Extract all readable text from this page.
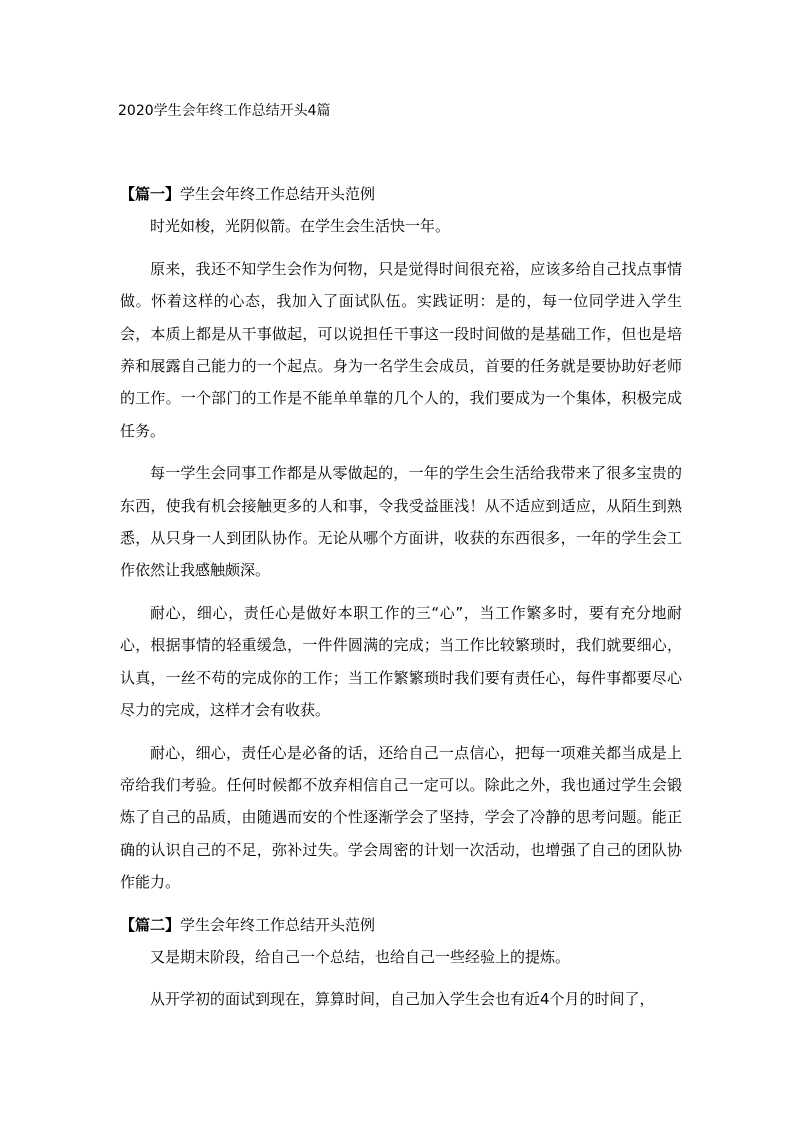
2020学生会年终工作总结开头4篇
【篇一】学生会年终工作总结开头范例

时光如梭，光阴似箭。在学生会生活快一年。

原来，我还不知学生会作为何物，只是觉得时间很充裕，应该多给自己找点事情做。怀着这样的心态，我加入了面试队伍。实践证明：是的，每一位同学进入学生会，本质上都是从干事做起，可以说担任干事这一段时间做的是基础工作，但也是培养和展露自己能力的一个起点。身为一名学生会成员，首要的任务就是要协助好老师的工作。一个部门的工作是不能单单靠的几个人的，我们要成为一个集体，积极完成任务。

每一学生会同事工作都是从零做起的，一年的学生会生活给我带来了很多宝贵的东西，使我有机会接触更多的人和事，令我受益匪浅！从不适应到适应，从陌生到熟悉，从只身一人到团队协作。无论从哪个方面讲，收获的东西很多，一年的学生会工作依然让我感触颇深。

耐心，细心，责任心是做好本职工作的三“心”，当工作繁多时，要有充分地耐心，根据事情的轻重缓急，一件件圆满的完成；当工作比较繁琐时，我们就要细心，认真，一丝不苟的完成你的工作；当工作繁繁琐时我们要有责任心，每件事都要尽心尽力的完成，这样才会有收获。

耐心，细心，责任心是必备的话，还给自己一点信心，把每一项难关都当成是上帝给我们考验。任何时候都不放弃相信自己一定可以。除此之外，我也通过学生会锻炼了自己的品质，由随遇而安的个性逐渐学会了坚持，学会了冷静的思考问题。能正确的认识自己的不足，弥补过失。学会周密的计划一次活动，也增强了自己的团队协作能力。

【篇二】学生会年终工作总结开头范例

又是期末阶段，给自己一个总结，也给自己一些经验上的提炼。

从开学初的面试到现在，算算时间，自己加入学生会也有近4个月的时间了，
